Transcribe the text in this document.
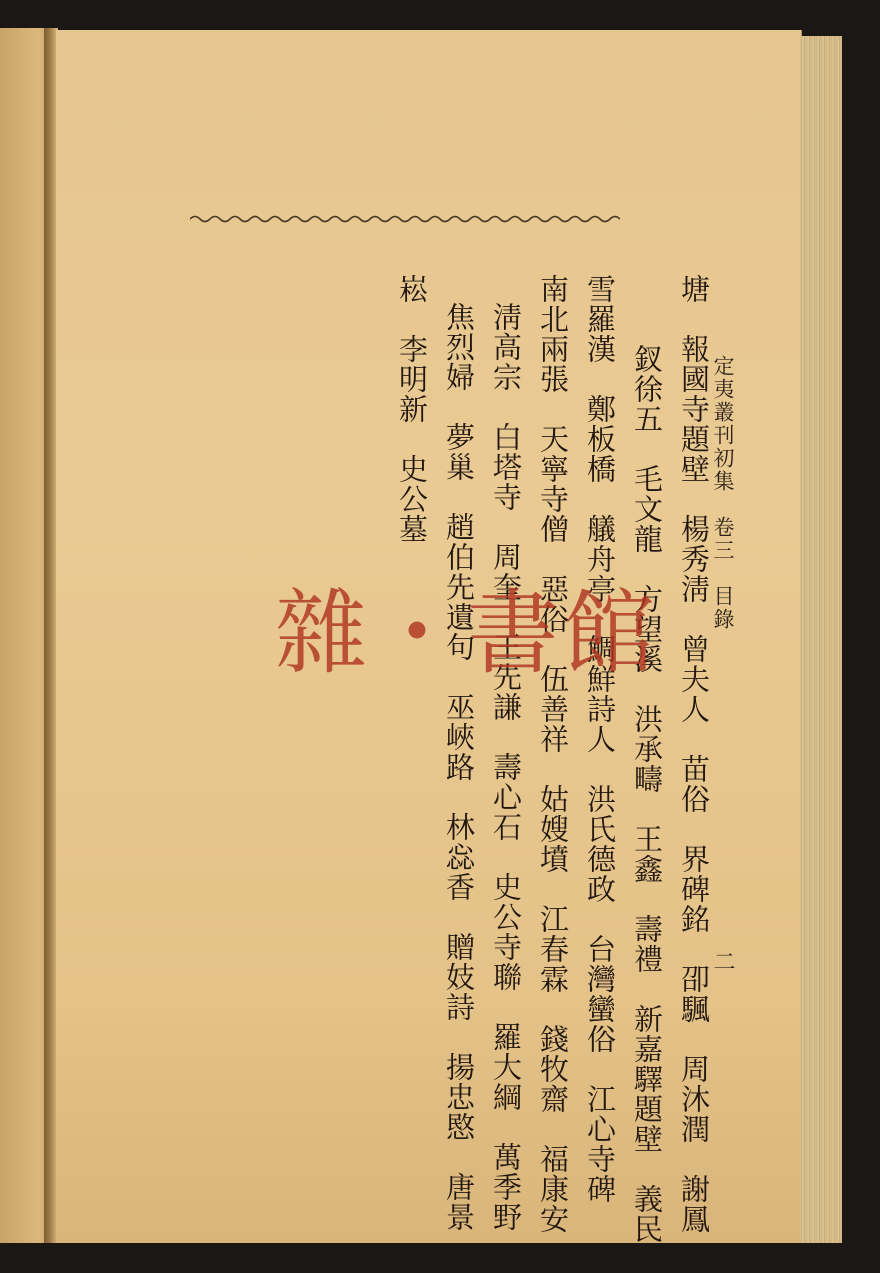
定夷叢刊初集　卷三　目錄
二
塘　報國寺題壁　楊秀淸　曾夫人　苗俗　界碑銘　卲颿　周沐潤　謝鳳
釵徐五　毛文龍　方望溪　洪承疇　王鑫　壽禮　新嘉驛題壁　義民
雪羅漢　鄭板橋　艤舟亭　鯛鮮詩人　洪氏德政　台灣蠻俗　江心寺碑
南北兩張　天寧寺僧　惡俗　伍善祥　姑嫂墳　江春霖　錢牧齋　福康安
淸高宗　白塔寺　周奎　王先謙　壽心石　史公寺聯　羅大綱　萬季野
焦烈婦　夢巢　趙伯先遺句　巫峽路　林惢香　贈妓詩　揚忠愍　唐景
崧　李明新　史公墓
雜・書館
